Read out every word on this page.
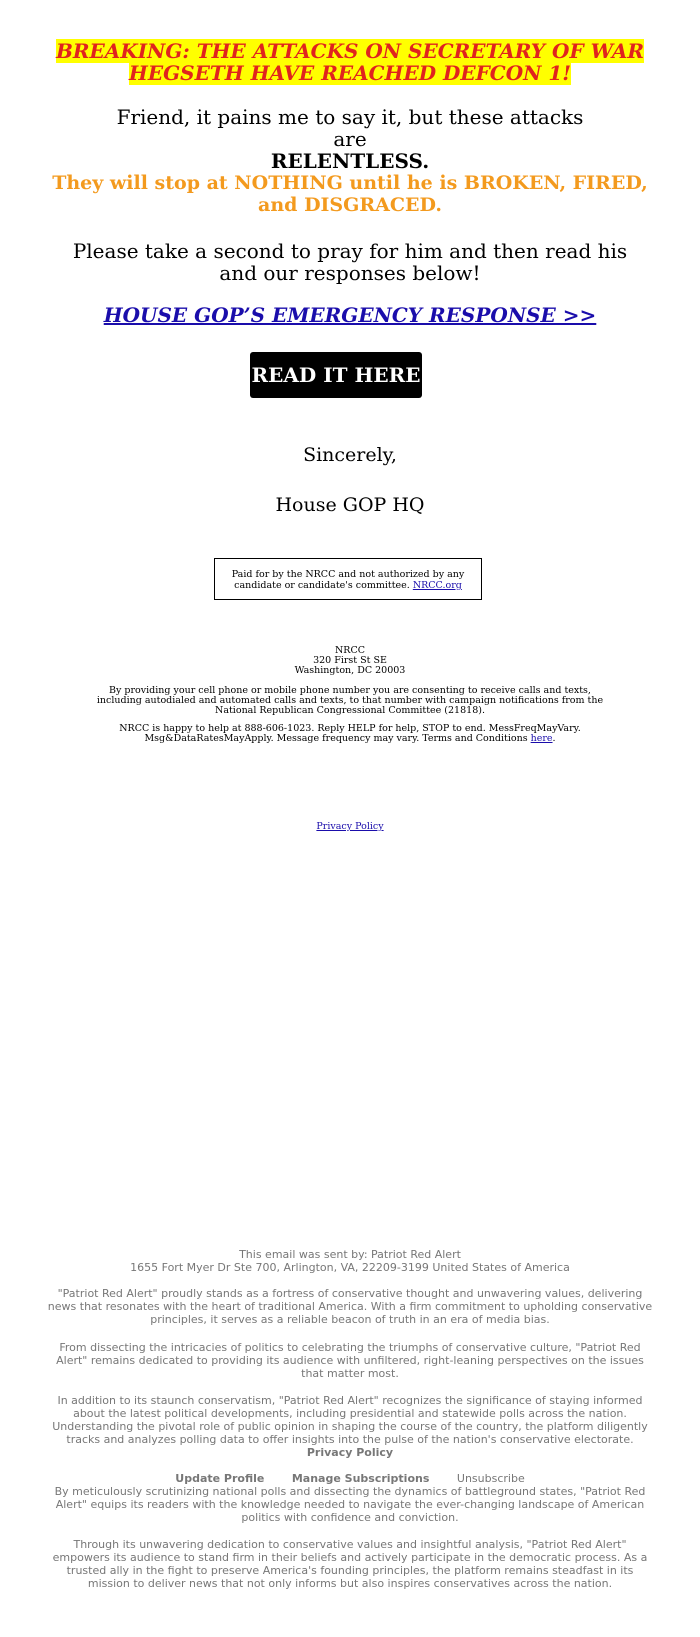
BREAKING: THE ATTACKS ON SECRETARY OF WAR HEGSETH HAVE REACHED DEFCON 1!
Friend, it pains me to say it, but these attacks are
RELENTLESS.
They will stop at NOTHING until he is BROKEN, FIRED, and DISGRACED.
Please take a second to pray for him and then read his and our responses below!
HOUSE GOP’S EMERGENCY RESPONSE >>
READ IT HERE
Sincerely,
House GOP HQ
Paid for by the NRCC and not authorized by any candidate or candidate's committee. NRCC.org
NRCC
320 First St SE
Washington, DC 20003
By providing your cell phone or mobile phone number you are consenting to receive calls and texts, including autodialed and automated calls and texts, to that number with campaign notifications from the National Republican Congressional Committee (21818).
NRCC is happy to help at 888-606-1023. Reply HELP for help, STOP to end. MessFreqMayVary. Msg&DataRatesMayApply. Message frequency may vary. Terms and Conditions here.
Privacy Policy
This email was sent by: Patriot Red Alert
1655 Fort Myer Dr Ste 700, Arlington, VA, 22209-3199 United States of America
"Patriot Red Alert" proudly stands as a fortress of conservative thought and unwavering values, delivering news that resonates with the heart of traditional America. With a firm commitment to upholding conservative principles, it serves as a reliable beacon of truth in an era of media bias.
From dissecting the intricacies of politics to celebrating the triumphs of conservative culture, "Patriot Red Alert" remains dedicated to providing its audience with unfiltered, right-leaning perspectives on the issues that matter most.
In addition to its staunch conservatism, "Patriot Red Alert" recognizes the significance of staying informed about the latest political developments, including presidential and statewide polls across the nation. Understanding the pivotal role of public opinion in shaping the course of the country, the platform diligently tracks and analyzes polling data to offer insights into the pulse of the nation's conservative electorate.
Privacy Policy
Update Profile	Manage Subscriptions	Unsubscribe
By meticulously scrutinizing national polls and dissecting the dynamics of battleground states, "Patriot Red Alert" equips its readers with the knowledge needed to navigate the ever-changing landscape of American politics with confidence and conviction.
Through its unwavering dedication to conservative values and insightful analysis, "Patriot Red Alert" empowers its audience to stand firm in their beliefs and actively participate in the democratic process. As a trusted ally in the fight to preserve America's founding principles, the platform remains steadfast in its mission to deliver news that not only informs but also inspires conservatives across the nation.
